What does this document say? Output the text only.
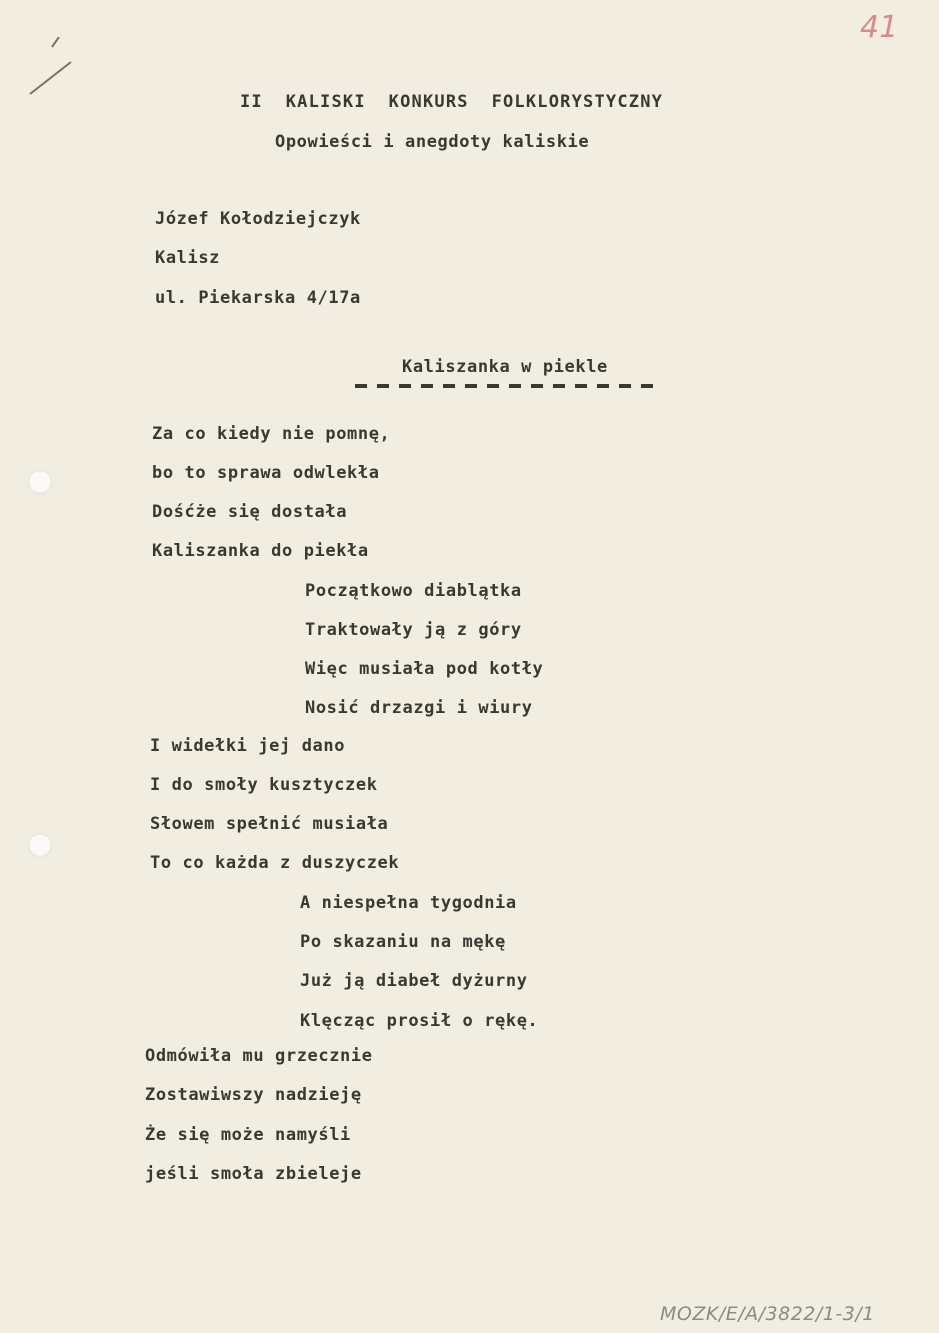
41
II  KALISKI  KONKURS  FOLKLORYSTYCZNY
Opowieści i anegdoty kaliskie
Józef Kołodziejczyk
Kalisz
ul. Piekarska 4/17a
Kaliszanka w piekle
Za co kiedy nie pomnę,
bo to sprawa odwlekła
Dośćże się dostała
Kaliszanka do piekła
Początkowo diablątka
Traktowały ją z góry
Więc musiała pod kotły
Nosić drzazgi i wiury
I widełki jej dano
I do smoły kusztyczek
Słowem spełnić musiała
To co każda z duszyczek
A niespełna tygodnia
Po skazaniu na mękę
Już ją diabeł dyżurny
Klęcząc prosił o rękę.
Odmówiła mu grzecznie
Zostawiwszy nadzieję
Że się może namyśli
jeśli smoła zbieleje
MOZK/E/A/3822/1-3/1
